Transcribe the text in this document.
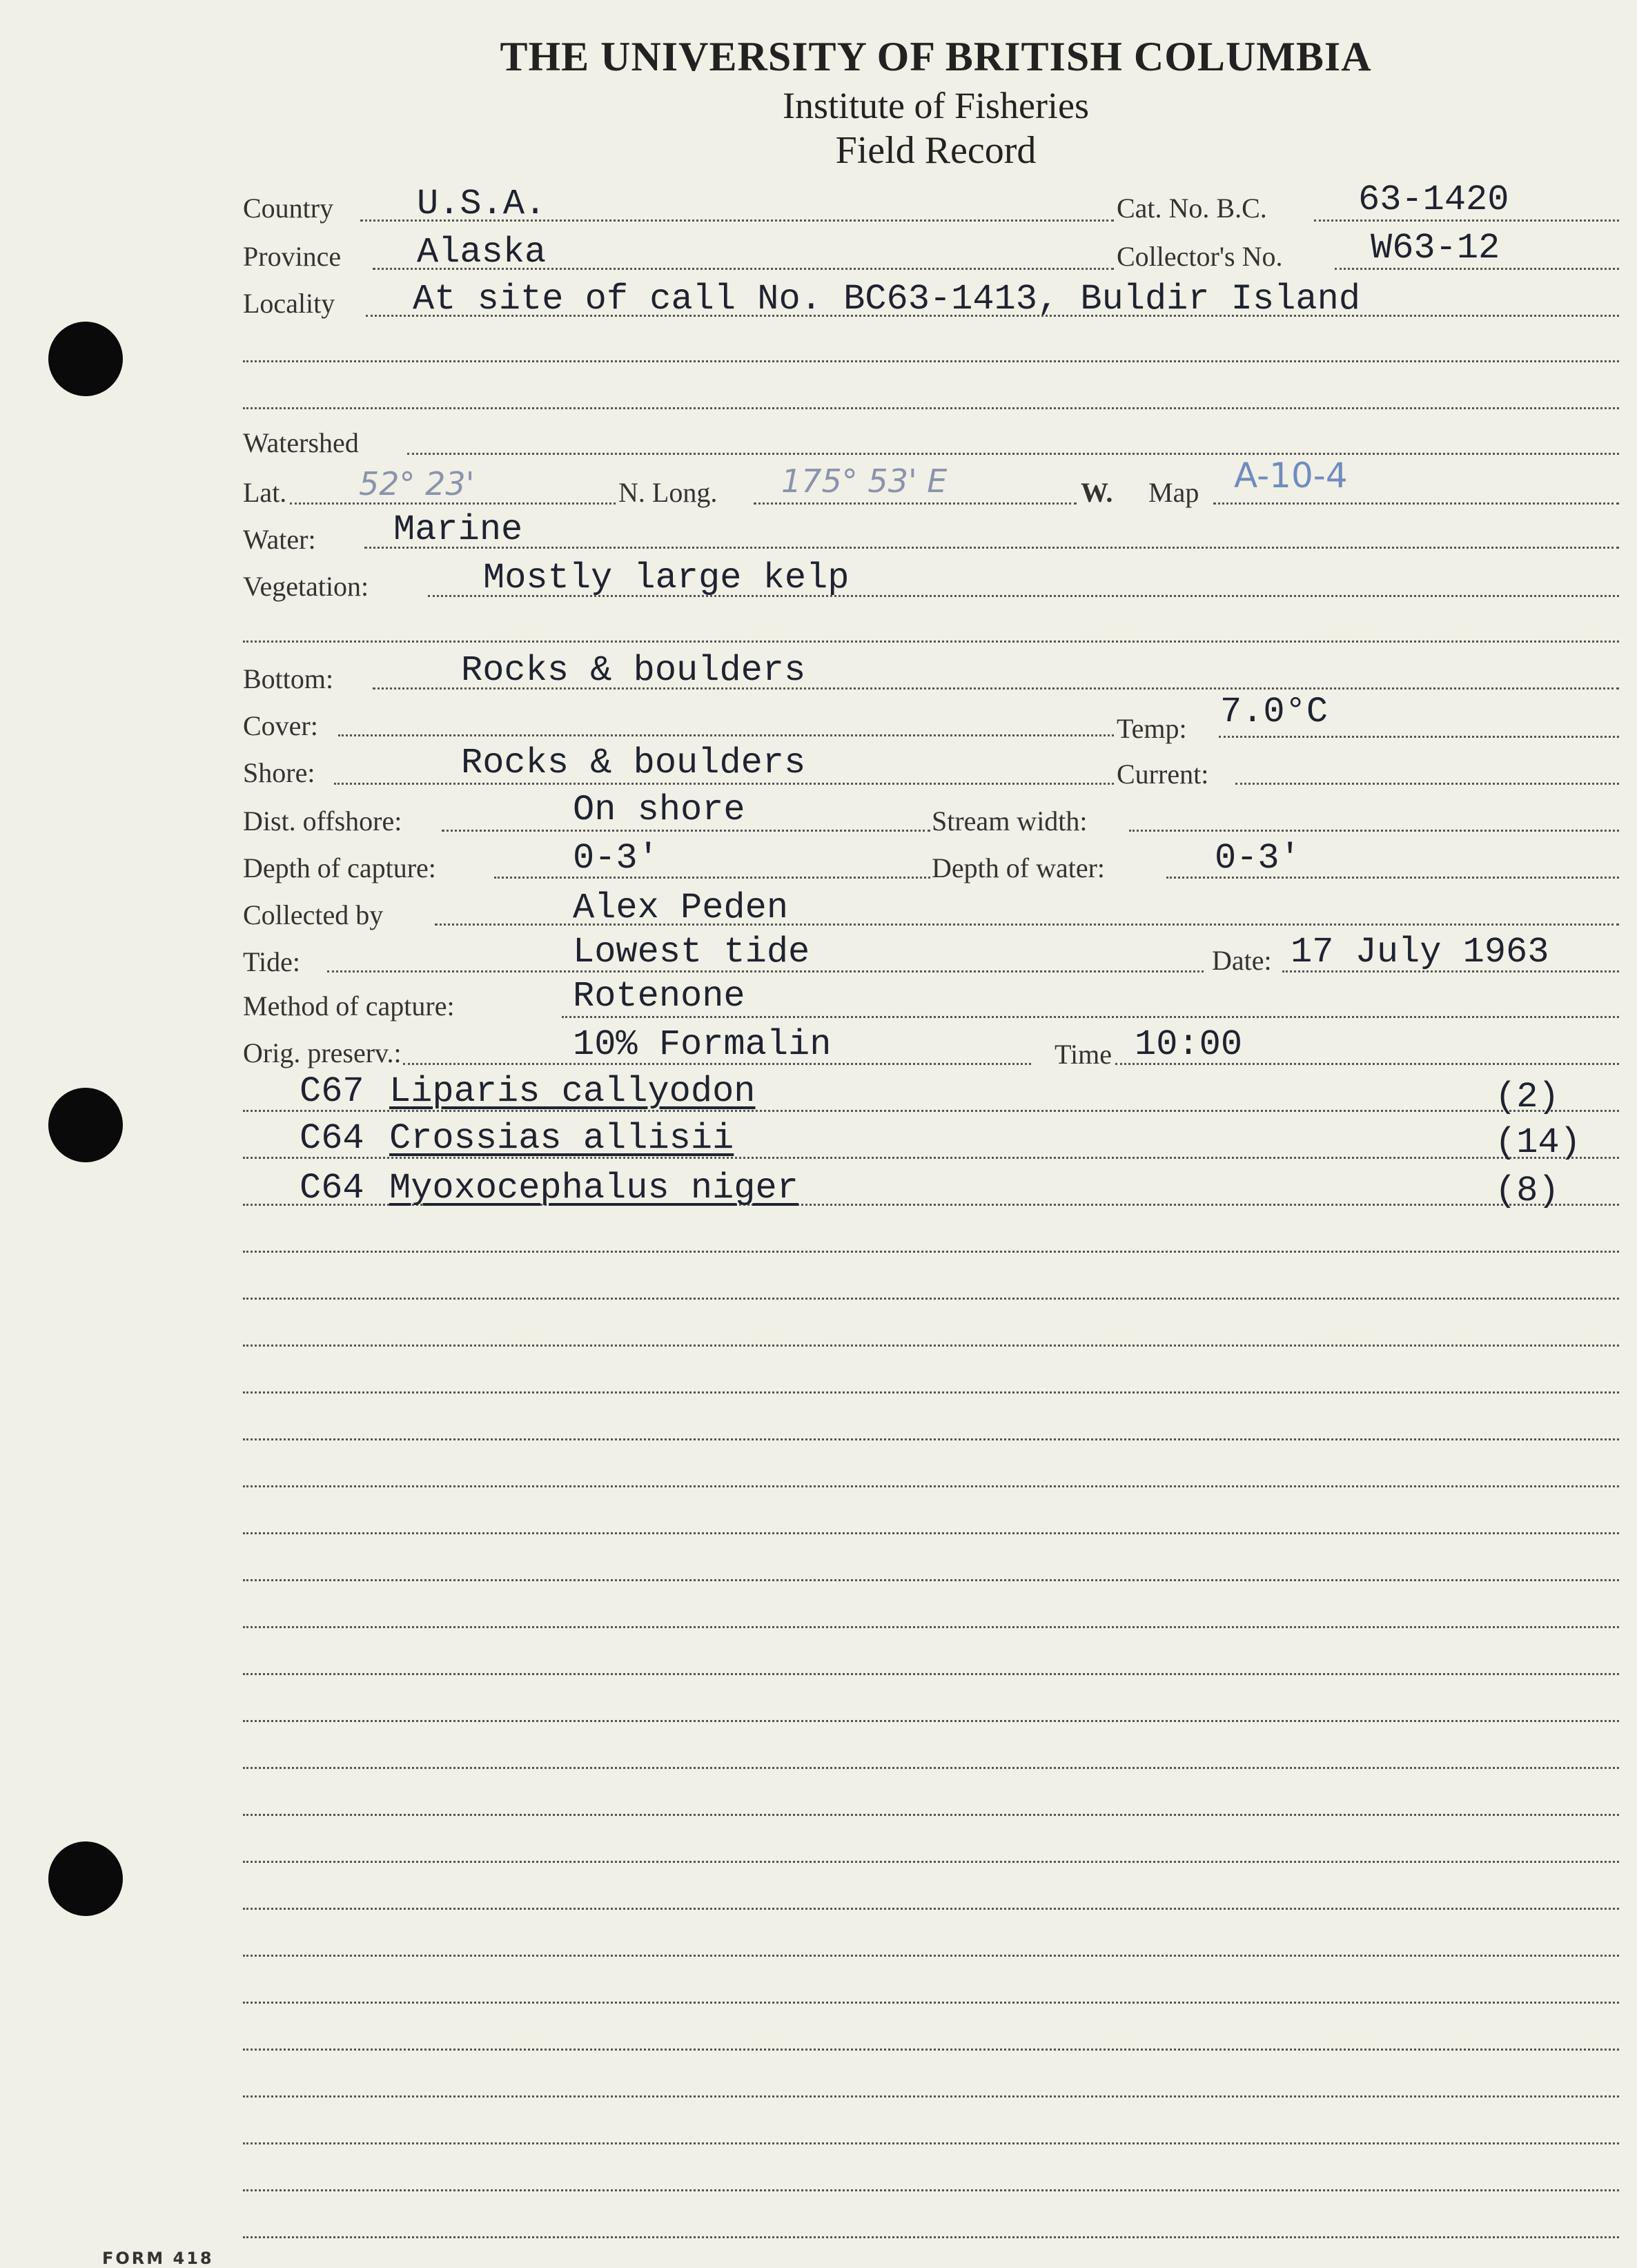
THE UNIVERSITY OF BRITISH COLUMBIA
Institute of Fisheries
Field Record
Country U.S.A.	Cat. No. B.C.	63-1420
Province Alaska	Collector's No. W63-12
Locality At site of call No. BC63-1413, Buldir Island
Watershed
Lat. 52° 23'	N. Long. 175° 53' E	W. Map A-10-4
Water: Marine
Vegetation:	Mostly large kelp
Bottom:	Rocks & boulders
Cover:	Temp: 7.0°C
Shore:	Rocks & boulders	Current:
Dist. offshore:	On shore	Stream width:
Depth of capture:	0-3'	Depth of water:	0-3'
Collected by	Alex Peden
Tide:	Lowest tide	Date: 17 July 1963
Method of capture:	Rotenone
Orig. preserv.:	10% Formalin	Time 10:00
C67 Liparis callyodon	(2)
C64 Crossias allisii	(14)
C64 Myoxocephalus niger	(8)
FORM 418
